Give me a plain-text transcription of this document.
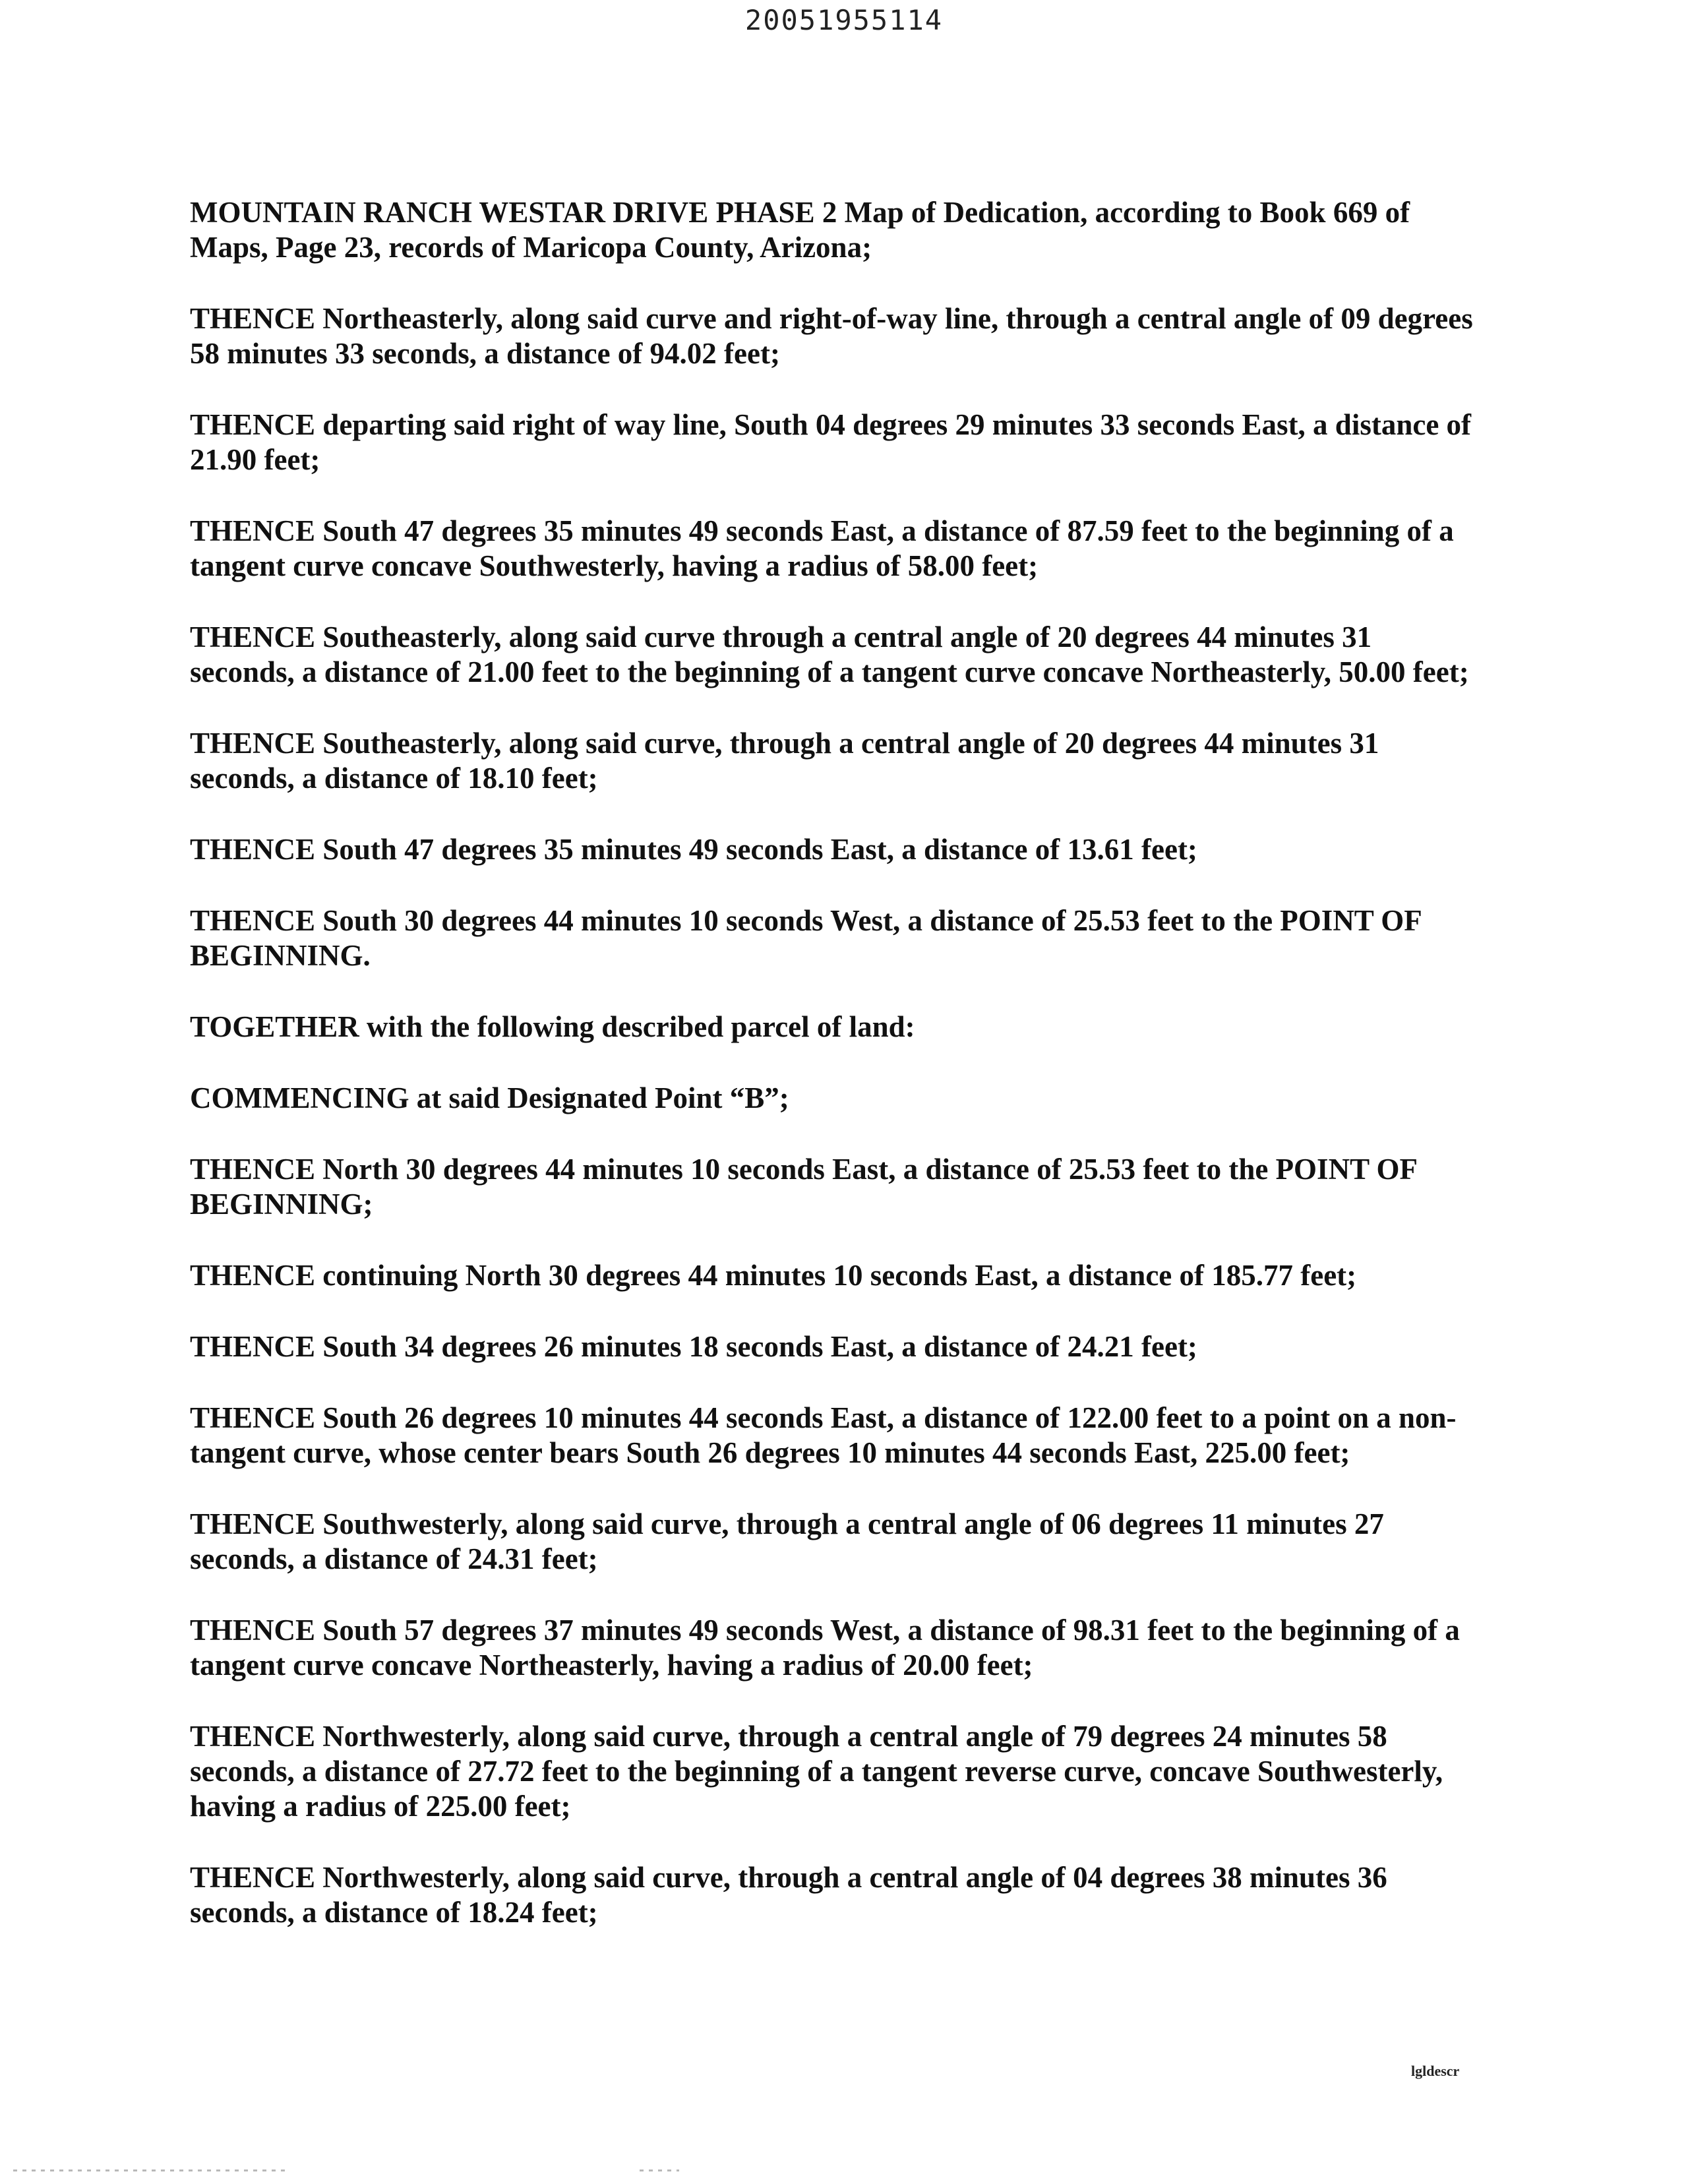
20051955114

MOUNTAIN RANCH WESTAR DRIVE PHASE 2 Map of Dedication, according to Book 669 of Maps, Page 23, records of Maricopa County, Arizona;

THENCE Northeasterly, along said curve and right-of-way line, through a central angle of 09 degrees 58 minutes 33 seconds, a distance of 94.02 feet;

THENCE departing said right of way line, South 04 degrees 29 minutes 33 seconds East, a distance of 21.90 feet;

THENCE South 47 degrees 35 minutes 49 seconds East, a distance of 87.59 feet to the beginning of a tangent curve concave Southwesterly, having a radius of 58.00 feet;

THENCE Southeasterly, along said curve through a central angle of 20 degrees 44 minutes 31 seconds, a distance of 21.00 feet to the beginning of a tangent curve concave Northeasterly, 50.00 feet;

THENCE Southeasterly, along said curve, through a central angle of 20 degrees 44 minutes 31 seconds, a distance of 18.10 feet;

THENCE South 47 degrees 35 minutes 49 seconds East, a distance of 13.61 feet;

THENCE South 30 degrees 44 minutes 10 seconds West, a distance of 25.53 feet to the POINT OF BEGINNING.

TOGETHER with the following described parcel of land:

COMMENCING at said Designated Point “B”;

THENCE North 30 degrees 44 minutes 10 seconds East, a distance of 25.53 feet to the POINT OF BEGINNING;

THENCE continuing North 30 degrees 44 minutes 10 seconds East, a distance of 185.77 feet;

THENCE South 34 degrees 26 minutes 18 seconds East, a distance of 24.21 feet;

THENCE South 26 degrees 10 minutes 44 seconds East, a distance of 122.00 feet to a point on a non-tangent curve, whose center bears South 26 degrees 10 minutes 44 seconds East, 225.00 feet;

THENCE Southwesterly, along said curve, through a central angle of 06 degrees 11 minutes 27 seconds, a distance of 24.31 feet;

THENCE South 57 degrees 37 minutes 49 seconds West, a distance of 98.31 feet to the beginning of a tangent curve concave Northeasterly, having a radius of 20.00 feet;

THENCE Northwesterly, along said curve, through a central angle of 79 degrees 24 minutes 58 seconds, a distance of 27.72 feet to the beginning of a tangent reverse curve, concave Southwesterly, having a radius of 225.00 feet;

THENCE Northwesterly, along said curve, through a central angle of 04 degrees 38 minutes 36 seconds, a distance of 18.24 feet;

lgldescr
